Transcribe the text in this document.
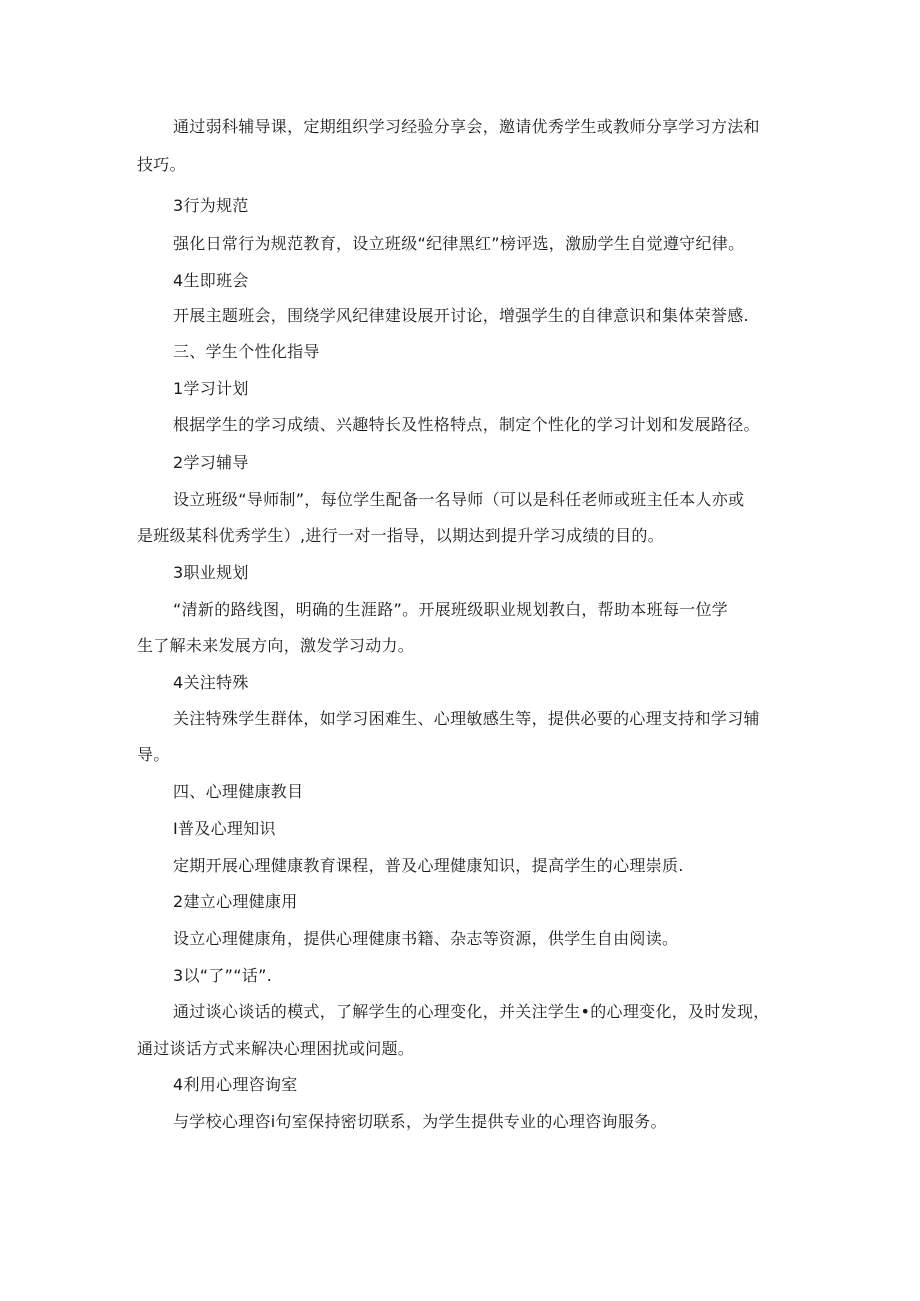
通过弱科辅导课，定期组织学习经验分享会，邀请优秀学生或教师分享学习方法和
技巧。
3行为规范
强化日常行为规范教育，设立班级“纪律黑红”榜评选，激励学生自觉遵守纪律。
4生即班会
开展主题班会，围绕学风纪律建设展开讨论，增强学生的自律意识和集体荣誉感.
三、学生个性化指导
1学习计划
根据学生的学习成绩、兴趣特长及性格特点，制定个性化的学习计划和发展路径。
2学习辅导
设立班级“导师制”，每位学生配备一名导师（可以是科任老师或班主任本人亦或
是班级某科优秀学生）,进行一对一指导，以期达到提升学习成绩的目的。
3职业规划
“清新的路线图，明确的生涯路”。开展班级职业规划教白，帮助本班每一位学
生了解未来发展方向，激发学习动力。
4关注特殊
关注特殊学生群体，如学习困难生、心理敏感生等，提供必要的心理支持和学习辅
导。
四、心理健康教目
I普及心理知识
定期开展心理健康教育课程，普及心理健康知识，提高学生的心理崇质.
2建立心理健康用
设立心理健康角，提供心理健康书籍、杂志等资源，供学生自由阅读。
3以“了”“话”.
通过谈心谈话的模式，了解学生的心理变化，并关注学生•的心理变化，及时发现，
通过谈话方式来解决心理困扰或问题。
4利用心理咨询室
与学校心理咨i句室保持密切联系，为学生提供专业的心理咨询服务。
